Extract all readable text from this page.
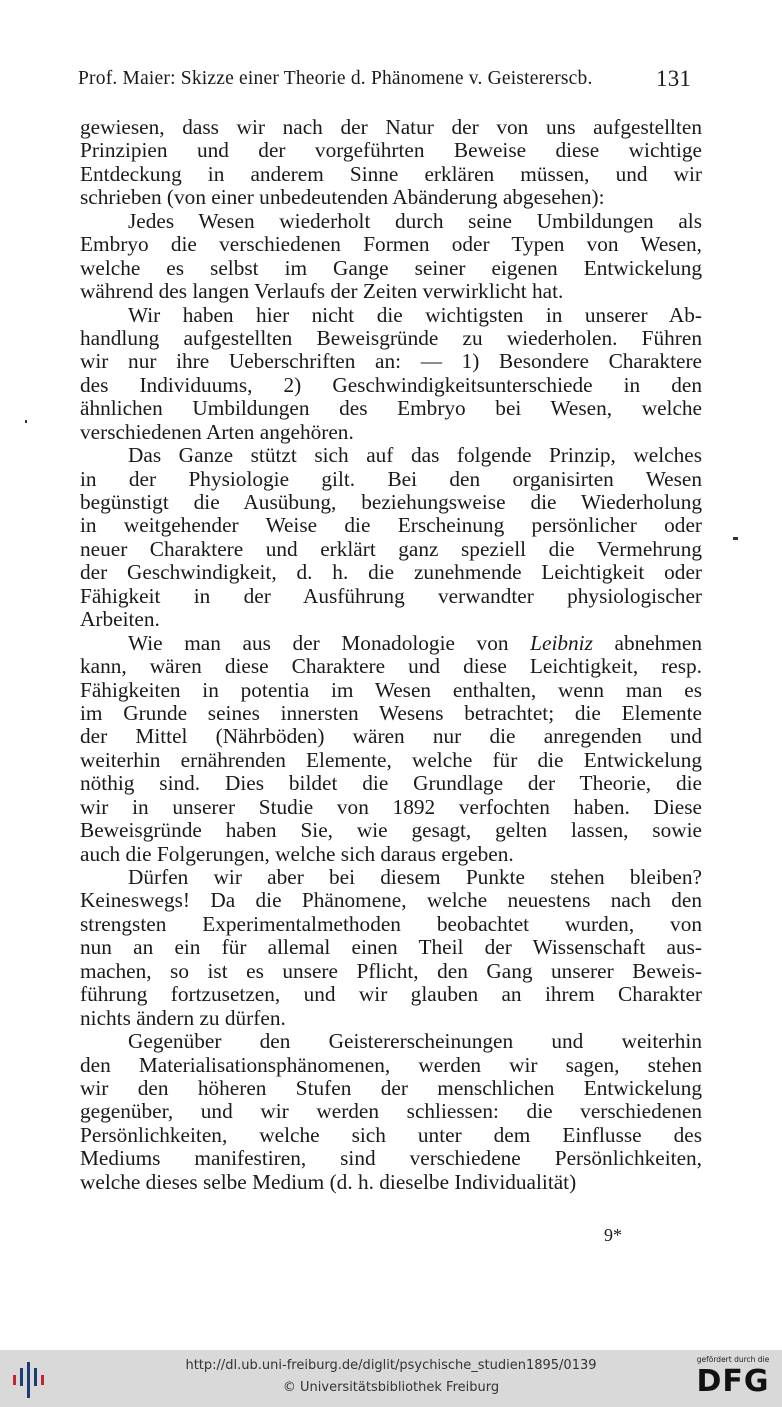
Prof. Maier: Skizze einer Theorie d. Phänomene v. Geistererscb.	131
gewiesen, dass wir nach der Natur der von uns aufgestellten
Prinzipien und der vorgeführten Beweise diese wichtige
Entdeckung in anderem Sinne erklären müssen, und wir
schrieben (von einer unbedeutenden Abänderung abgesehen):
Jedes Wesen wiederholt durch seine Umbildungen als
Embryo die verschiedenen Formen oder Typen von Wesen,
welche es selbst im Gange seiner eigenen Entwickelung
während des langen Verlaufs der Zeiten verwirklicht hat.
Wir haben hier nicht die wichtigsten in unserer Ab-
handlung aufgestellten Beweisgründe zu wiederholen. Führen
wir nur ihre Ueberschriften an: — 1) Besondere Charaktere
des Individuums, 2) Geschwindigkeitsunterschiede in den
ähnlichen Umbildungen des Embryo bei Wesen, welche
verschiedenen Arten angehören.
Das Ganze stützt sich auf das folgende Prinzip, welches
in der Physiologie gilt. Bei den organisirten Wesen
begünstigt die Ausübung, beziehungsweise die Wiederholung
in weitgehender Weise die Erscheinung persönlicher oder
neuer Charaktere und erklärt ganz speziell die Vermehrung
der Geschwindigkeit, d. h. die zunehmende Leichtigkeit oder
Fähigkeit in der Ausführung verwandter physiologischer
Arbeiten.
Wie man aus der Monadologie von Leibniz abnehmen
kann, wären diese Charaktere und diese Leichtigkeit, resp.
Fähigkeiten in potentia im Wesen enthalten, wenn man es
im Grunde seines innersten Wesens betrachtet; die Elemente
der Mittel (Nährböden) wären nur die anregenden und
weiterhin ernährenden Elemente, welche für die Entwickelung
nöthig sind. Dies bildet die Grundlage der Theorie, die
wir in unserer Studie von 1892 verfochten haben. Diese
Beweisgründe haben Sie, wie gesagt, gelten lassen, sowie
auch die Folgerungen, welche sich daraus ergeben.
Dürfen wir aber bei diesem Punkte stehen bleiben?
Keineswegs! Da die Phänomene, welche neuestens nach den
strengsten Experimentalmethoden beobachtet wurden, von
nun an ein für allemal einen Theil der Wissenschaft aus-
machen, so ist es unsere Pflicht, den Gang unserer Beweis-
führung fortzusetzen, und wir glauben an ihrem Charakter
nichts ändern zu dürfen.
Gegenüber den Geistererscheinungen und weiterhin
den Materialisationsphänomenen, werden wir sagen, stehen
wir den höheren Stufen der menschlichen Entwickelung
gegenüber, und wir werden schliessen: die verschiedenen
Persönlichkeiten, welche sich unter dem Einflusse des
Mediums manifestiren, sind verschiedene Persönlichkeiten,
welche dieses selbe Medium (d. h. dieselbe Individualität)
9*
http://dl.ub.uni-freiburg.de/diglit/psychische_studien1895/0139
© Universitätsbibliothek Freiburg
gefördert durch die
DFG
